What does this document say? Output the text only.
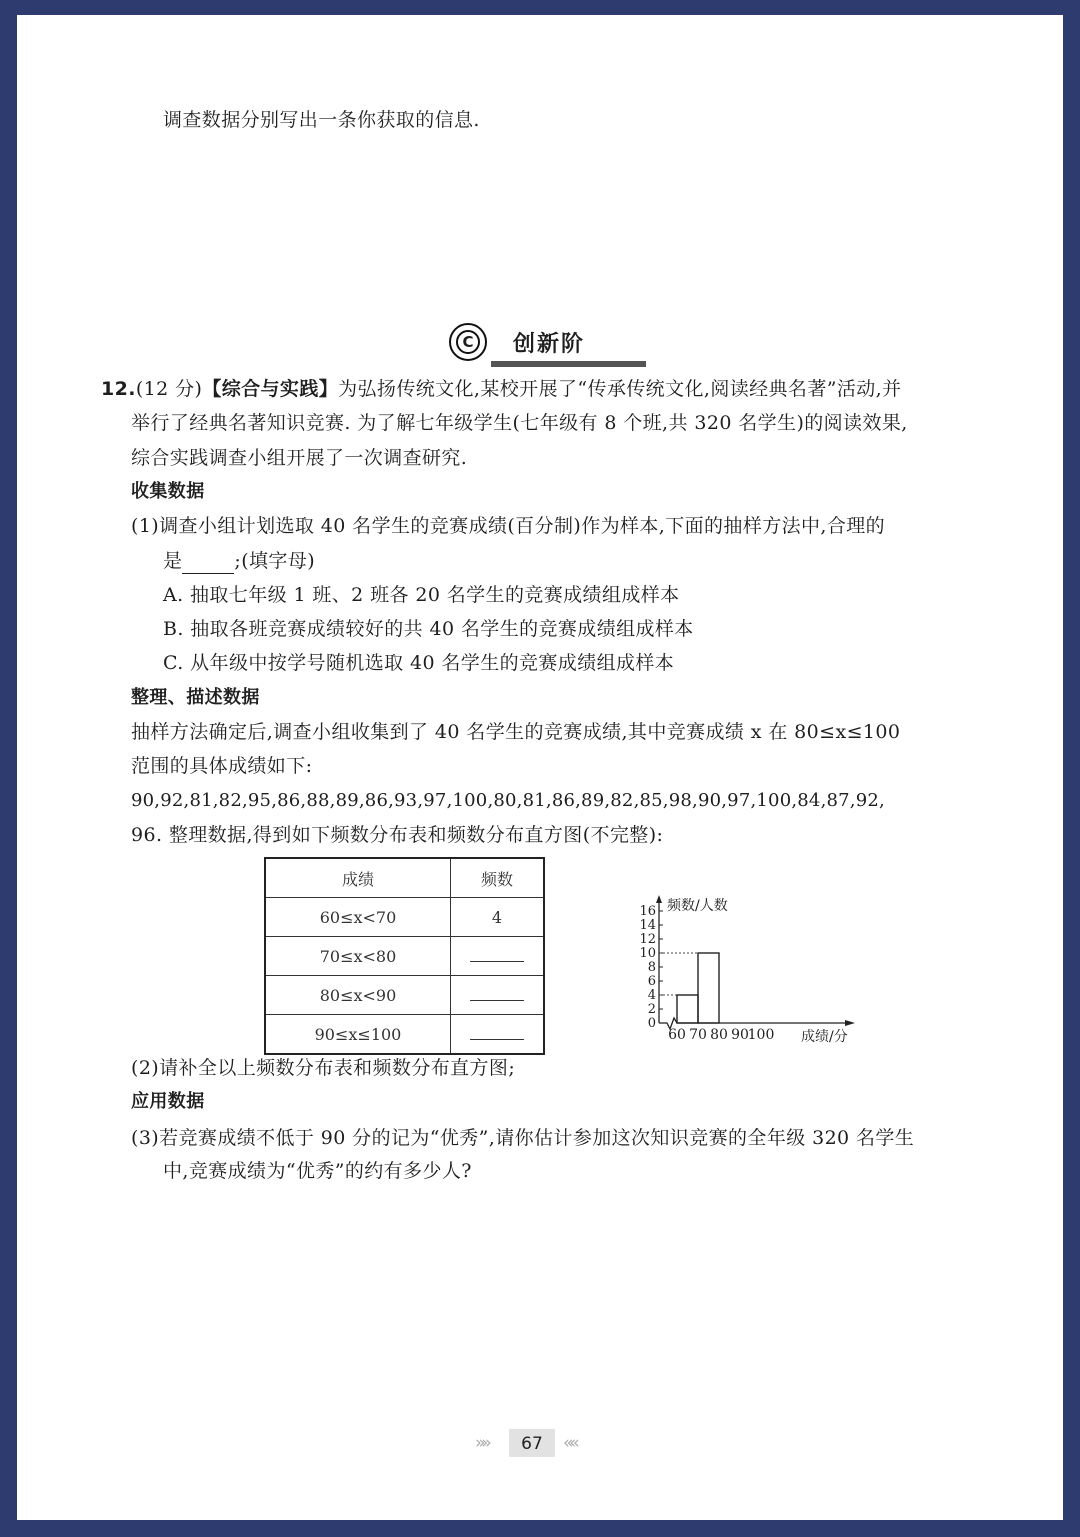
调查数据分别写出一条你获取的信息.
C 创新阶
12.(12 分)【综合与实践】为弘扬传统文化,某校开展了“传承传统文化,阅读经典名著”活动,并
举行了经典名著知识竞赛. 为了解七年级学生(七年级有 8 个班,共 320 名学生)的阅读效果,
综合实践调查小组开展了一次调查研究.
收集数据
(1)调查小组计划选取 40 名学生的竞赛成绩(百分制)作为样本,下面的抽样方法中,合理的
是	;(填字母)
A. 抽取七年级 1 班、2 班各 20 名学生的竞赛成绩组成样本
B. 抽取各班竞赛成绩较好的共 40 名学生的竞赛成绩组成样本
C. 从年级中按学号随机选取 40 名学生的竞赛成绩组成样本
整理、描述数据
抽样方法确定后,调查小组收集到了 40 名学生的竞赛成绩,其中竞赛成绩 x 在 80≤x≤100
范围的具体成绩如下:
90,92,81,82,95,86,88,89,86,93,97,100,80,81,86,89,82,85,98,90,97,100,84,87,92,
96. 整理数据,得到如下频数分布表和频数分布直方图(不完整):
成绩	频数
60≤x<70	4
70≤x<80	
80≤x<90	
90≤x≤100	
0
2
4
6
8
10
12
14
16 频数/人数
60 70 80 90
100 成绩/分
(2)请补全以上频数分布表和频数分布直方图;
应用数据
(3)若竞赛成绩不低于 90 分的记为“优秀”,请你估计参加这次知识竞赛的全年级 320 名学生
中,竞赛成绩为“优秀”的约有多少人?
»»	67	««
